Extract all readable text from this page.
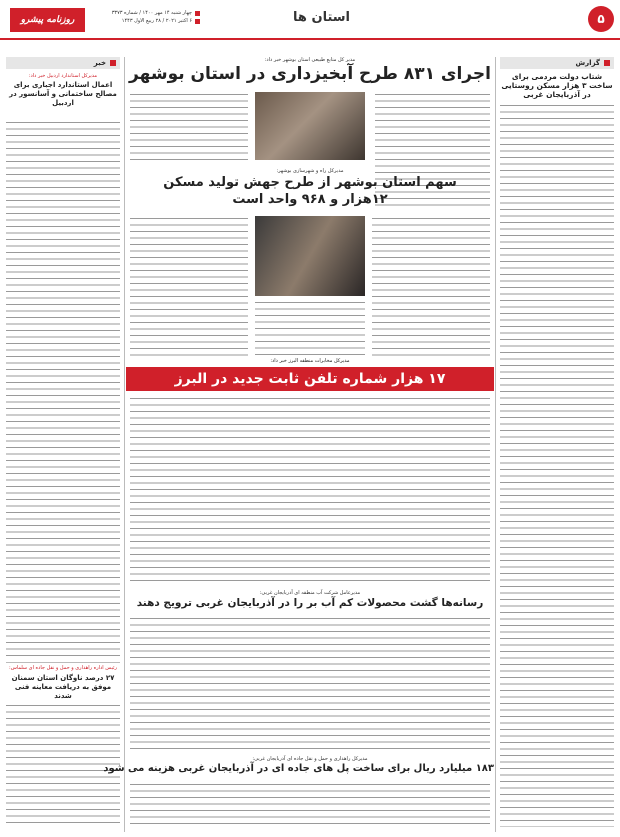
۵
استان ها
چهار شنبه ۱۴ مهر ۱۴۰۰ / شماره ۳۳۷۳
۶ اکتبر ۲۰۲۱ / ۲۸ ربیع الاول ۱۴۴۳
روزنامه پیشرو
گزارش
شتاب دولت مردمی برای ساخت ۳ هزار مسکن روستایی در آذربایجان غربی
خبر
مدیرکل استاندارد اردبیل خبر داد:
اعمال استاندارد اجباری برای مصالح ساختمانی و آسانسور در اردبیل
رئیس اداره راهداری و حمل و نقل جاده ای سلماس:
۲۷ درصد ناوگان استان سمنان موفق به دریافت معاینه فنی شدند
مدیر کل منابع طبیعی استان بوشهر خبر داد:
اجرای ۸۳۱ طرح آبخیزداری در استان بوشهر
مدیرکل راه و شهرسازی بوشهر:
سهم استان بوشهر از طرح جهش تولید مسکن
۱۲هزار و ۹۶۸ واحد است
مدیرکل مخابرات منطقه البرز خبر داد:
۱۷ هزار شماره تلفن ثابت جدید در البرز
مدیرعامل شرکت آب منطقه ای آذربایجان غربی:
رسانه‌ها گشت محصولات کم آب بر را در آذربایجان غربی ترویج دهند
مدیرکل راهداری و حمل و نقل جاده ای آذربایجان غربی:
۱۸۳ میلیارد ریال برای ساخت پل های جاده ای در آذربایجان غربی هزینه می شود
